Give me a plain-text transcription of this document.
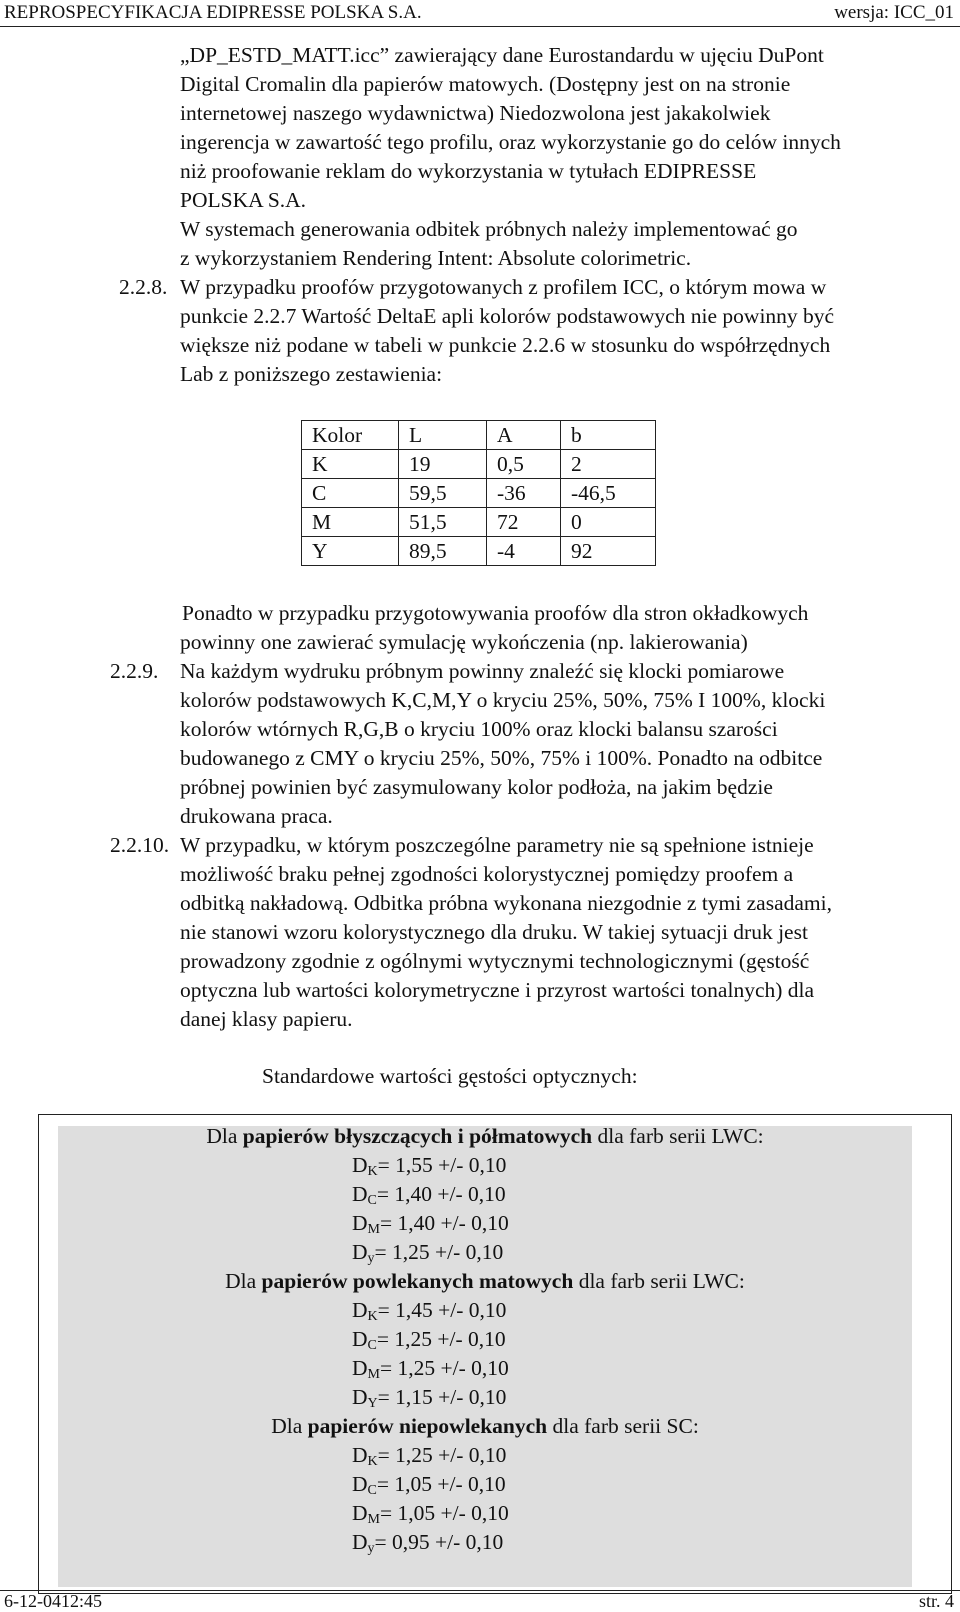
REPROSPECYFIKACJA EDIPRESSE POLSKA S.A.	wersja: ICC_01
„DP_ESTD_MATT.icc” zawierający dane Eurostandardu w ujęciu DuPont
Digital Cromalin dla papierów matowych. (Dostępny jest on na stronie
internetowej naszego wydawnictwa) Niedozwolona jest jakakolwiek
ingerencja w zawartość tego profilu, oraz wykorzystanie go do celów innych
niż proofowanie reklam do wykorzystania w tytułach EDIPRESSE
POLSKA S.A.
W systemach generowania odbitek próbnych należy implementować go
z wykorzystaniem Rendering Intent: Absolute colorimetric.
2.2.8. W przypadku proofów przygotowanych z profilem ICC, o którym mowa w
punkcie 2.2.7 Wartość DeltaE apli kolorów podstawowych nie powinny być
większe niż podane w tabeli w punkcie 2.2.6 w stosunku do współrzędnych
Lab z poniższego zestawienia:
Kolor	L	A	b
K	19	0,5	2
C	59,5	-36	-46,5
M	51,5	72	0
Y	89,5	-4	92
Ponadto w przypadku przygotowywania proofów dla stron okładkowych
powinny one zawierać symulację wykończenia (np. lakierowania)
2.2.9. Na każdym wydruku próbnym powinny znaleźć się klocki pomiarowe
kolorów podstawowych K,C,M,Y o kryciu 25%, 50%, 75% I 100%, klocki
kolorów wtórnych R,G,B o kryciu 100% oraz klocki balansu szarości
budowanego z CMY o kryciu 25%, 50%, 75% i 100%. Ponadto na odbitce
próbnej powinien być zasymulowany kolor podłoża, na jakim będzie
drukowana praca.
2.2.10. W przypadku, w którym poszczególne parametry nie są spełnione istnieje
możliwość braku pełnej zgodności kolorystycznej pomiędzy proofem a
odbitką nakładową. Odbitka próbna wykonana niezgodnie z tymi zasadami,
nie stanowi wzoru kolorystycznego dla druku. W takiej sytuacji druk jest
prowadzony zgodnie z ogólnymi wytycznymi technologicznymi (gęstość
optyczna lub wartości kolorymetryczne i przyrost wartości tonalnych) dla
danej klasy papieru.
Standardowe wartości gęstości optycznych:
Dla papierów błyszczących i półmatowych dla farb serii LWC:
$D_K= 1,55$ +/- 0,10
$D_C= 1,40$ +/- 0,10
$D_M= 1,40$ +/- 0,10
$D_y= 1,25$ +/- 0,10
Dla papierów powlekanych matowych dla farb serii LWC:
$D_K= 1,45$ +/- 0,10
$D_C= 1,25$ +/- 0,10
$D_M= 1,25$ +/- 0,10
$D_Y= 1,15$ +/- 0,10
Dla papierów niepowlekanych dla farb serii SC:
$D_K= 1,25$ +/- 0,10
$D_C= 1,05$ +/- 0,10
$D_M= 1,05$ +/- 0,10
$D_y= 0,95$ +/- 0,10
6-12-0412:45	str. 4
